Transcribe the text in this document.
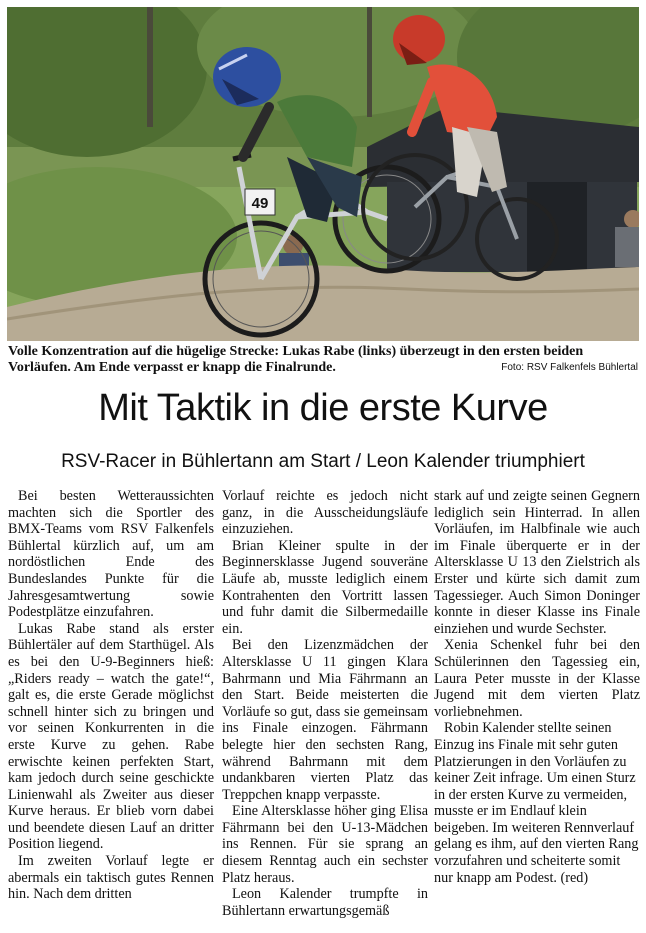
49
Volle Konzentration auf die hügelige Strecke: Lukas Rabe (links) überzeugt in den ersten beiden Vorläufen. Am Ende verpasst er knapp die Finalrunde.	Foto: RSV Falkenfels Bühlertal
Mit Taktik in die erste Kurve
RSV-Racer in Bühlertann am Start / Leon Kalender triumphiert

Bei besten Wetteraussichten machten sich die Sportler des BMX-Teams vom RSV Falkenfels Bühlertal kürzlich auf, um am nordöstlichen Ende des Bundeslandes Punkte für die Jahresgesamtwertung sowie Podestplätze einzufahren.

Lukas Rabe stand als erster Bühlertäler auf dem Starthügel. Als es bei den U-9-Beginners hieß: „Riders ready – watch the gate!“, galt es, die erste Gerade möglichst schnell hinter sich zu bringen und vor seinen Konkurrenten in die erste Kurve zu gehen. Rabe erwischte keinen perfekten Start, kam jedoch durch seine geschickte Linienwahl als Zweiter aus dieser Kurve heraus. Er blieb vorn dabei und beendete diesen Lauf an dritter Position liegend.

Im zweiten Vorlauf legte er abermals ein taktisch gutes Rennen hin. Nach dem dritten

Vorlauf reichte es jedoch nicht ganz, in die Ausscheidungsläufe einzuziehen.

Brian Kleiner spulte in der Beginnersklasse Jugend souveräne Läufe ab, musste lediglich einem Kontrahenten den Vortritt lassen und fuhr damit die Silbermedaille ein.

Bei den Lizenzmädchen der Altersklasse U 11 gingen Klara Bahrmann und Mia Fährmann an den Start. Beide meisterten die Vorläufe so gut, dass sie gemeinsam ins Finale einzogen. Fährmann belegte hier den sechsten Rang, während Bahrmann mit dem undankbaren vierten Platz das Treppchen knapp verpasste.

Eine Altersklasse höher ging Elisa Fährmann bei den U-13-Mädchen ins Rennen. Für sie sprang an diesem Renntag auch ein sechster Platz heraus.

Leon Kalender trumpfte in Bühlertann erwartungsgemäß

stark auf und zeigte seinen Gegnern lediglich sein Hinterrad. In allen Vorläufen, im Halbfinale wie auch im Finale überquerte er in der Altersklasse U 13 den Zielstrich als Erster und kürte sich damit zum Tagessieger. Auch Simon Doninger konnte in dieser Klasse ins Finale einziehen und wurde Sechster.

Xenia Schenkel fuhr bei den Schülerinnen den Tagessieg ein, Laura Peter musste in der Klasse Jugend mit dem vierten Platz vorliebnehmen.

Robin Kalender stellte seinen Einzug ins Finale mit sehr guten Platzierungen in den Vorläufen zu keiner Zeit infrage. Um einen Sturz in der ersten Kurve zu vermeiden, musste er im Endlauf klein beigeben. Im weiteren Rennverlauf gelang es ihm, auf den vierten Rang vorzufahren und scheiterte somit nur knapp am Podest. (red)
